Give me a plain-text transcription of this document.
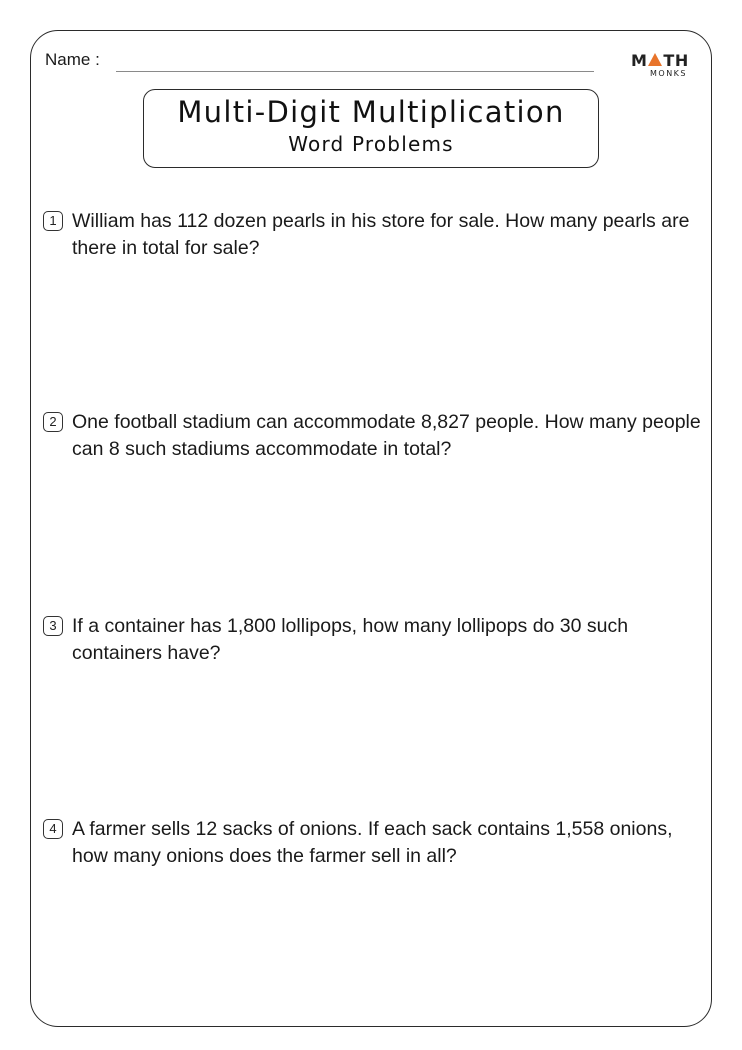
Name :	M TH
MONKS
Multi-Digit Multiplication
Word Problems
1 William has 112 dozen pearls in his store for sale. How many pearls are there in total for sale?

2 One football stadium can accommodate 8,827 people. How many people can 8 such stadiums accommodate in total?

3 If a container has 1,800 lollipops, how many lollipops do 30 such containers have?

4 A farmer sells 12 sacks of onions. If each sack contains 1,558 onions, how many onions does the farmer sell in all?
